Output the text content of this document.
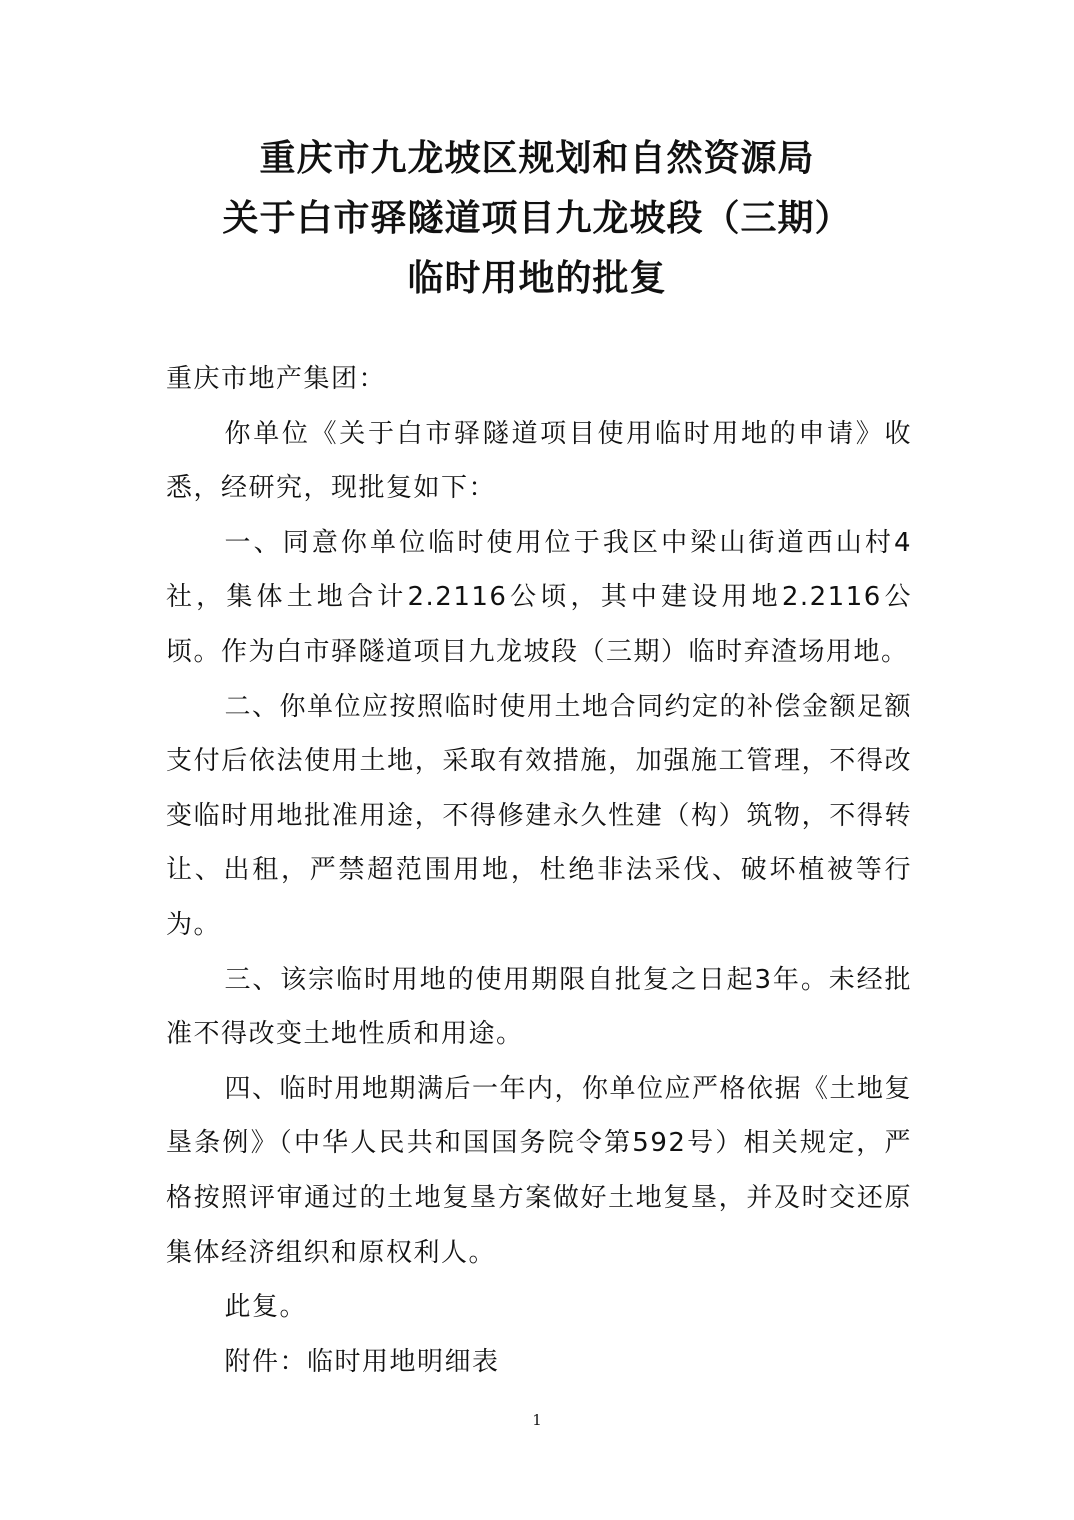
重庆市九龙坡区规划和自然资源局
关于白市驿隧道项目九龙坡段（三期）
临时用地的批复

重庆市地产集团：

你单位《关于白市驿隧道项目使用临时用地的申请》收悉，经研究，现批复如下：

一、同意你单位临时使用位于我区中梁山街道西山村4社，集体土地合计2.2116公顷，其中建设用地2.2116公顷。作为白市驿隧道项目九龙坡段（三期）临时弃渣场用地。

二、你单位应按照临时使用土地合同约定的补偿金额足额支付后依法使用土地，采取有效措施，加强施工管理，不得改变临时用地批准用途，不得修建永久性建（构）筑物，不得转让、出租，严禁超范围用地，杜绝非法采伐、破坏植被等行为。

三、该宗临时用地的使用期限自批复之日起3年。未经批准不得改变土地性质和用途。

四、临时用地期满后一年内，你单位应严格依据《土地复垦条例》（中华人民共和国国务院令第592号）相关规定，严格按照评审通过的土地复垦方案做好土地复垦，并及时交还原集体经济组织和原权利人。

此复。

附件：临时用地明细表

1
